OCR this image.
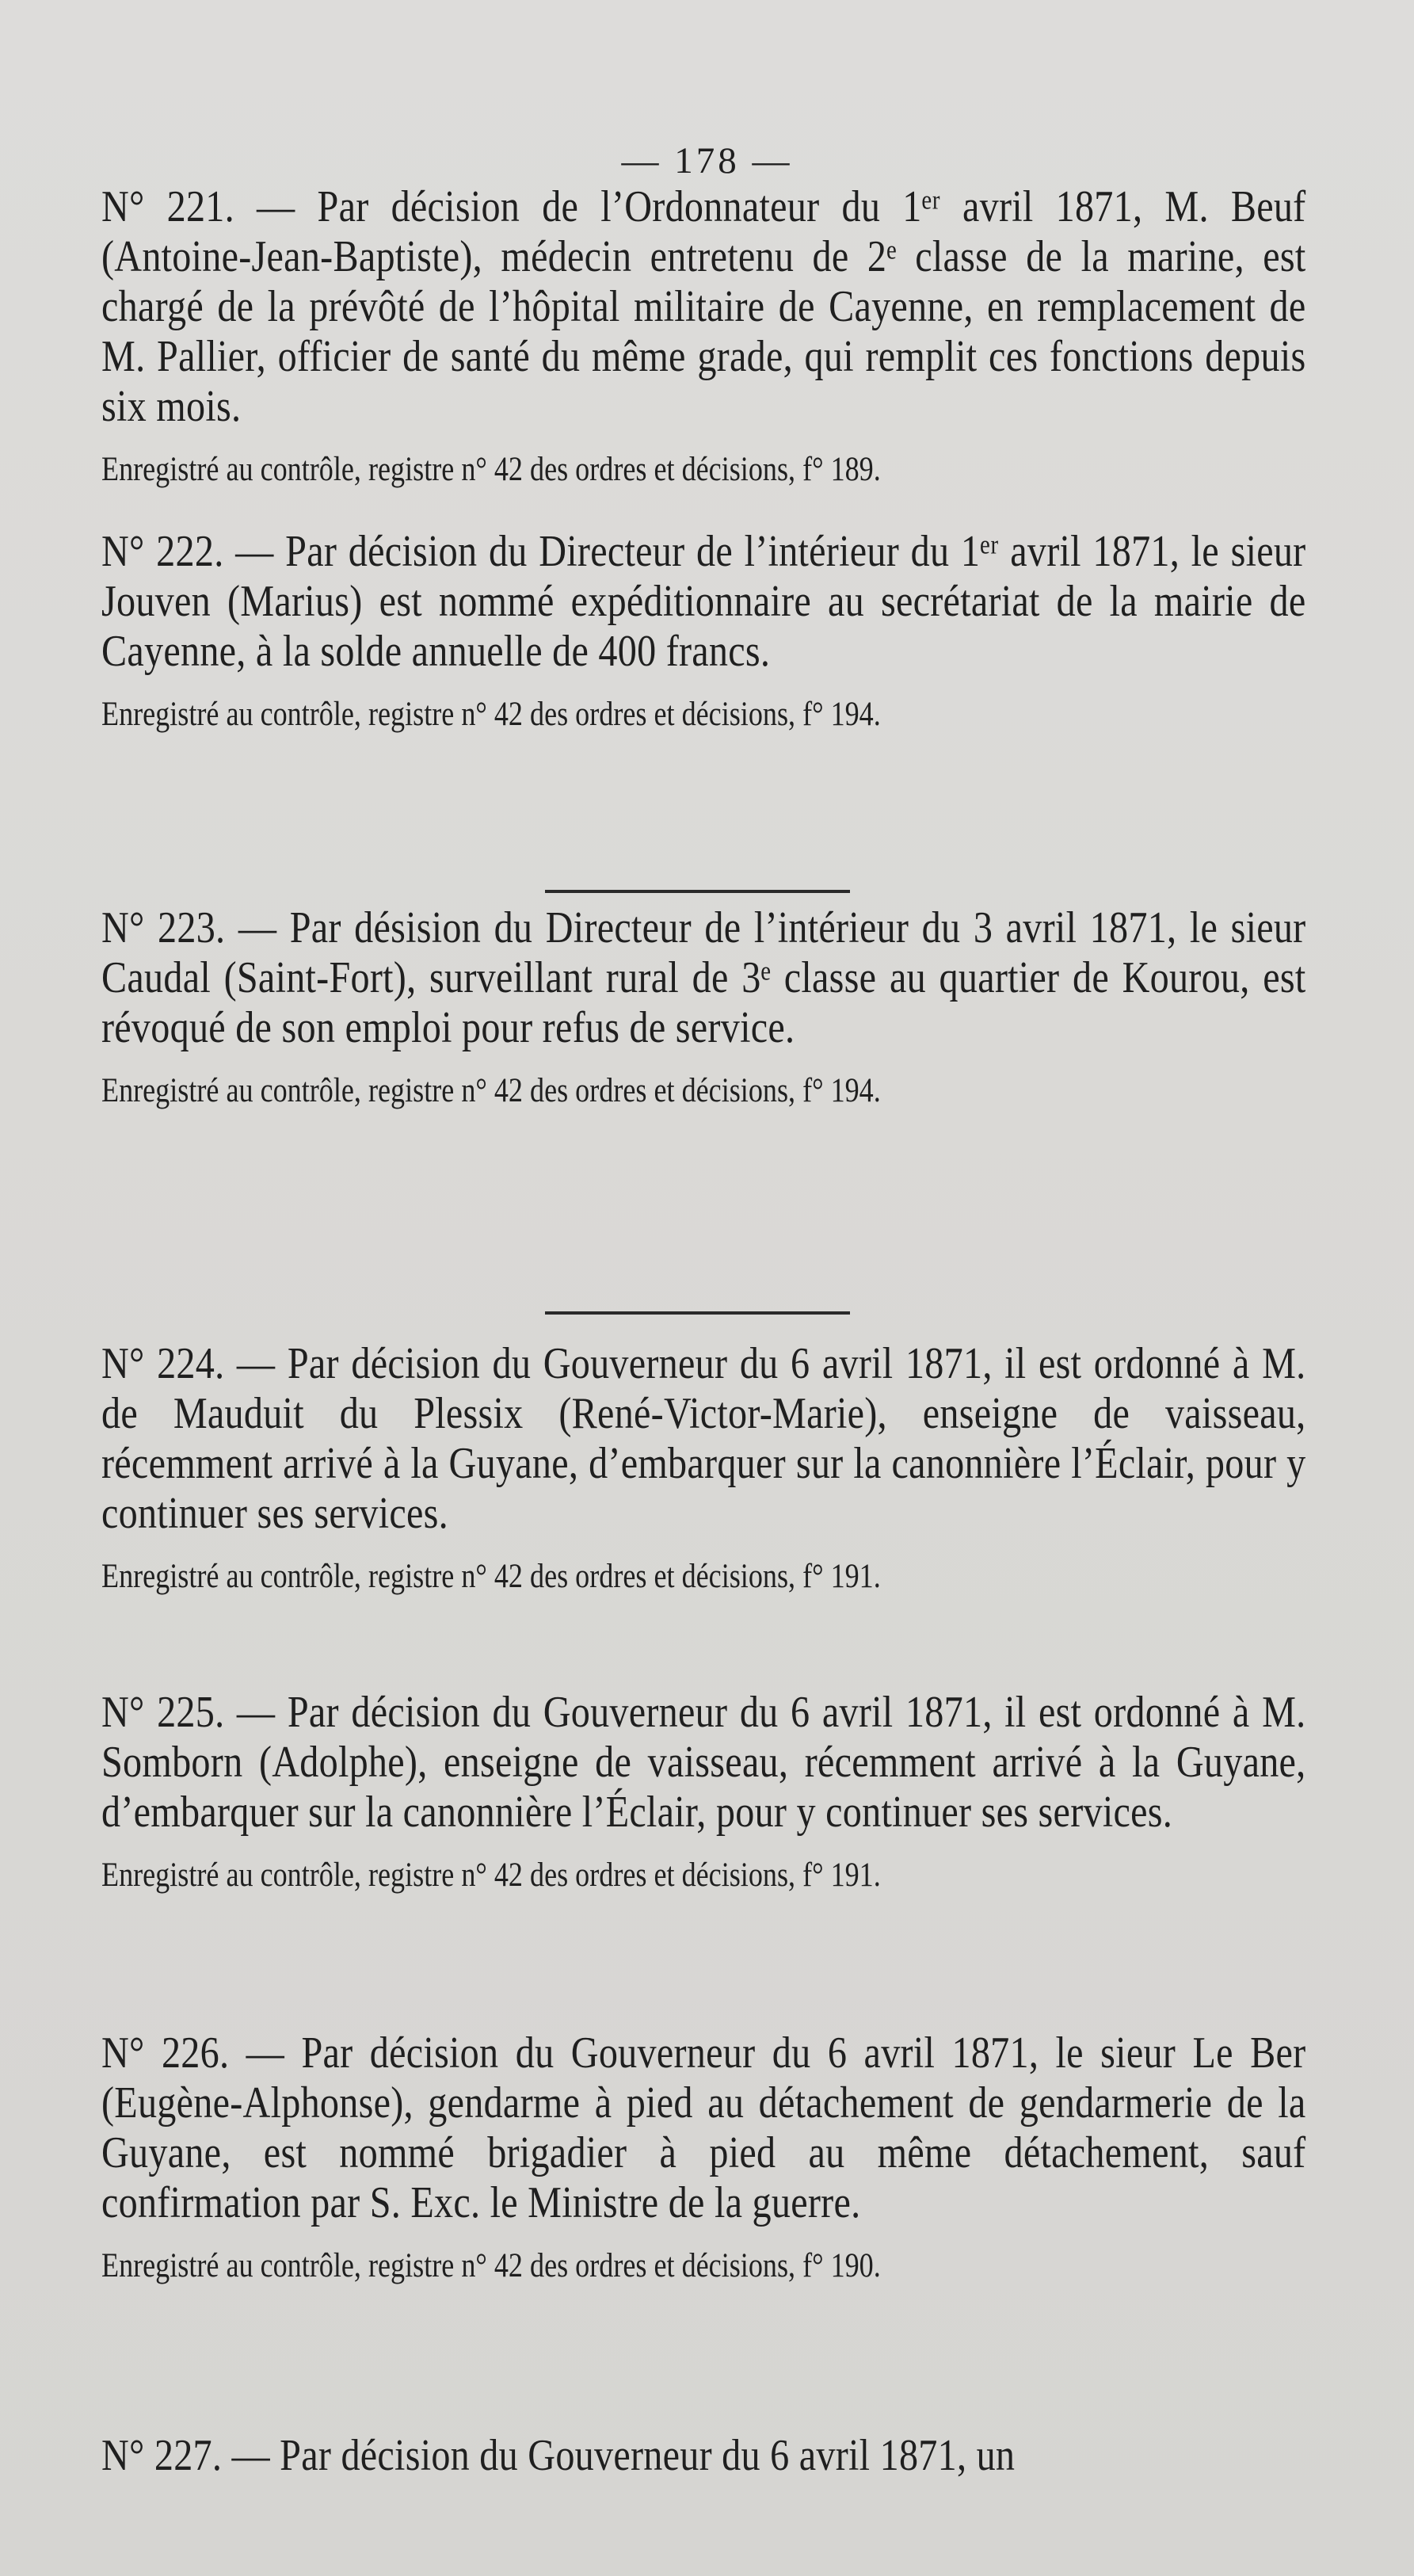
— 178 —

N° 221. — Par décision de l’Ordonnateur du 1ᵉʳ avril 1871, M. Beuf (Antoine-Jean-Baptiste), médecin entretenu de 2ᵉ classe de la marine, est chargé de la prévôté de l’hôpital militaire de Cayenne, en remplacement de M. Pallier, officier de santé du même grade, qui remplit ces fonctions depuis six mois.

Enregistré au contrôle, registre n° 42 des ordres et décisions, f° 189.

N° 222. — Par décision du Directeur de l’intérieur du 1ᵉʳ avril 1871, le sieur Jouven (Marius) est nommé expéditionnaire au secrétariat de la mairie de Cayenne, à la solde annuelle de 400 francs.

Enregistré au contrôle, registre n° 42 des ordres et décisions, f° 194.

N° 223. — Par désision du Directeur de l’intérieur du 3 avril 1871, le sieur Caudal (Saint-Fort), surveillant rural de 3ᵉ classe au quartier de Kourou, est révoqué de son emploi pour refus de service.

Enregistré au contrôle, registre n° 42 des ordres et décisions, f° 194.

N° 224. — Par décision du Gouverneur du 6 avril 1871, il est ordonné à M. de Mauduit du Plessix (René-Victor-Marie), enseigne de vaisseau, récemment arrivé à la Guyane, d’embarquer sur la canonnière l’Éclair, pour y continuer ses services.

Enregistré au contrôle, registre n° 42 des ordres et décisions, f° 191.

N° 225. — Par décision du Gouverneur du 6 avril 1871, il est ordonné à M. Somborn (Adolphe), enseigne de vaisseau, récemment arrivé à la Guyane, d’embarquer sur la canonnière l’Éclair, pour y continuer ses services.

Enregistré au contrôle, registre n° 42 des ordres et décisions, f° 191.

N° 226. — Par décision du Gouverneur du 6 avril 1871, le sieur Le Ber (Eugène-Alphonse), gendarme à pied au détachement de gendarmerie de la Guyane, est nommé brigadier à pied au même détachement, sauf confirmation par S. Exc. le Ministre de la guerre.

Enregistré au contrôle, registre n° 42 des ordres et décisions, f° 190.

N° 227. — Par décision du Gouverneur du 6 avril 1871, un
